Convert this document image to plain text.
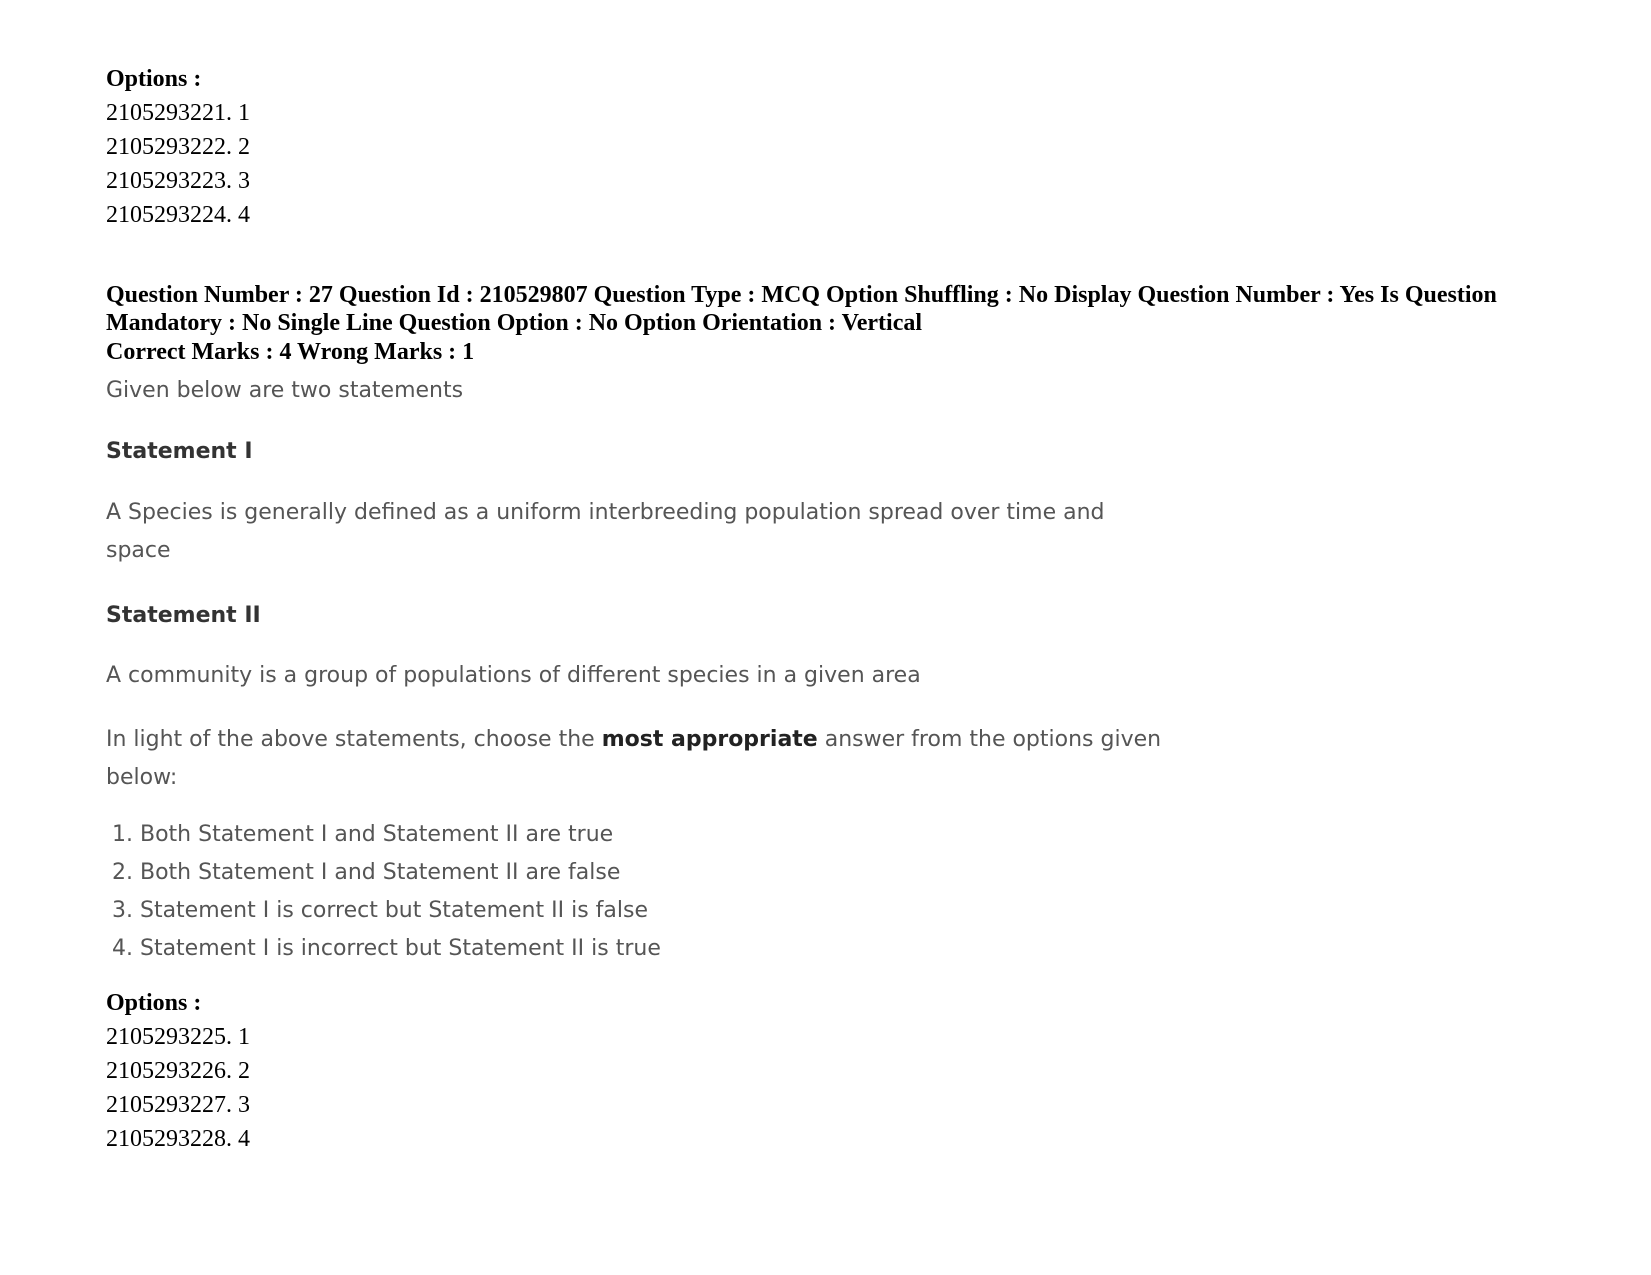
Options :
2105293221. 1
2105293222. 2
2105293223. 3
2105293224. 4
Question Number : 27 Question Id : 210529807 Question Type : MCQ Option Shuffling : No Display Question Number : Yes Is Question Mandatory : No Single Line Question Option : No Option Orientation : Vertical
Correct Marks : 4 Wrong Marks : 1
Given below are two statements
Statement I
A Species is generally defined as a uniform interbreeding population spread over time and
space
Statement II
A community is a group of populations of different species in a given area
In light of the above statements, choose the most appropriate answer from the options given
below:
1. Both Statement I and Statement II are true
2. Both Statement I and Statement II are false
3. Statement I is correct but Statement II is false
4. Statement I is incorrect but Statement II is true
Options :
2105293225. 1
2105293226. 2
2105293227. 3
2105293228. 4
